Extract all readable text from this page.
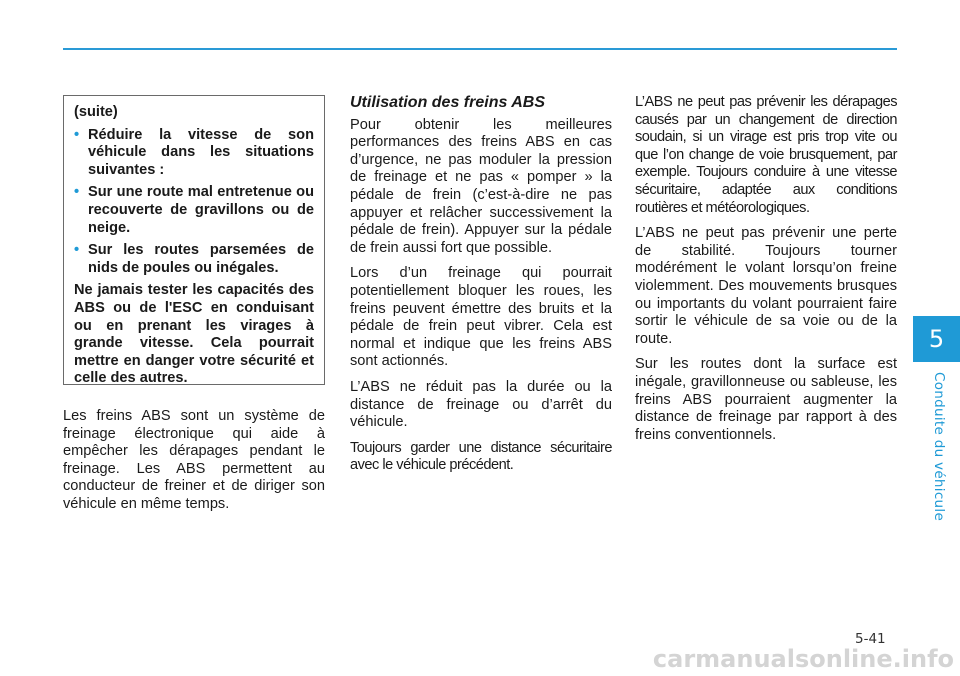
5
Conduite du véhicule

(suite)

• Réduire la vitesse de son véhicule dans les situations suivantes :
• Sur une route mal entretenue ou recouverte de gravillons ou de neige.
• Sur les routes parsemées de nids de poules ou inégales.

Ne jamais tester les capacités des ABS ou de l'ESC en conduisant ou en prenant les virages à grande vitesse. Cela pourrait mettre en danger votre sécurité et celle des autres.

Les freins ABS sont un système de freinage électronique qui aide à empêcher les dérapages pendant le freinage. Les ABS permettent au conducteur de freiner et de diriger son véhicule en même temps.

Utilisation des freins ABS

Pour obtenir les meilleures performances des freins ABS en cas d’urgence, ne pas moduler la pression de freinage et ne pas « pomper » la pédale de frein (c’est-à-dire ne pas appuyer et relâcher successivement la pédale de frein). Appuyer sur la pédale de frein aussi fort que possible.

Lors d’un freinage qui pourrait potentiellement bloquer les roues, les freins peuvent émettre des bruits et la pédale de frein peut vibrer. Cela est normal et indique que les freins ABS sont actionnés.

L’ABS ne réduit pas la durée ou la distance de freinage ou d’arrêt du véhicule.

Toujours garder une distance sécuritaire avec le véhicule précédent.

L’ABS ne peut pas prévenir les dérapages causés par un changement de direction soudain, si un virage est pris trop vite ou que l’on change de voie brusquement, par exemple. Toujours conduire à une vitesse sécuritaire, adaptée aux conditions routières et météorologiques.

L’ABS ne peut pas prévenir une perte de stabilité. Toujours tourner modérément le volant lorsqu’on freine violemment. Des mouvements brusques ou importants du volant pourraient faire sortir le véhicule de sa voie ou de la route.

Sur les routes dont la surface est inégale, gravillonneuse ou sableuse, les freins ABS pourraient augmenter la distance de freinage par rapport à des freins conventionnels.

5-41
carmanualsonline.info
